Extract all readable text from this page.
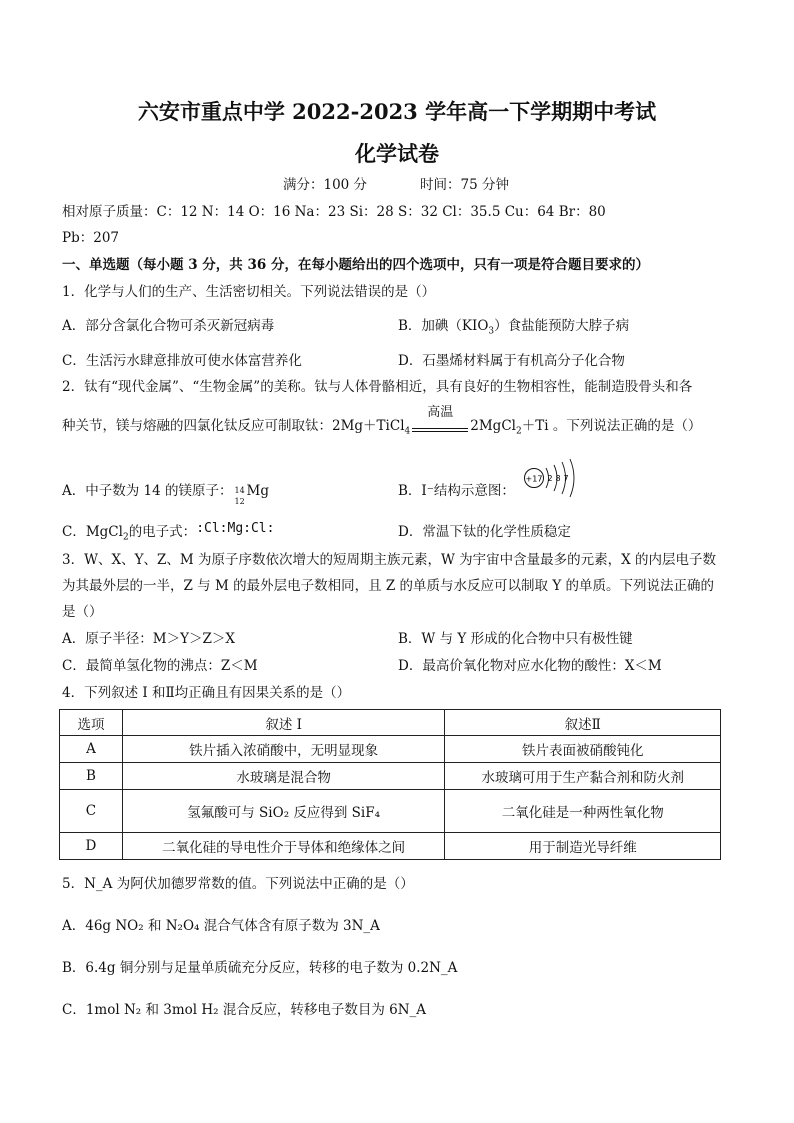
六安市重点中学 2022-2023 学年高一下学期期中考试
化学试卷
满分：100 分	时间：75 分钟
相对原子质量：C：12 N：14 O：16 Na：23 Si：28 S：32 Cl：35.5 Cu：64 Br：80
Pb：207
一、单选题（每小题 3 分，共 36 分，在每小题给出的四个选项中，只有一项是符合题目要求的）
1．化学与人们的生产、生活密切相关。下列说法错误的是（）
A．部分含氯化合物可杀灭新冠病毒	B．加碘$(KIO_3)$食盐能预防大脖子病
C．生活污水肆意排放可使水体富营养化	D．石墨烯材料属于有机高分子化合物
2．钛有“现代金属”、“生物金属”的美称。钛与人体骨骼相近，具有良好的生物相容性，能制造股骨头和各
种关节，镁与熔融的四氯化钛反应可制取钛：2Mg＋TiCl$_4$
高温
2MgCl$_2$＋Ti 。下列说法正确的是（）
A．中子数为 14 的镁原子： 14
12
Mg	B．I⁻结构示意图：
+17 2 8 7
C．MgCl$_2$的电子式：:Cl:Mg:Cl:	D．常温下钛的化学性质稳定
3．W、X、Y、Z、M 为原子序数依次增大的短周期主族元素，W 为宇宙中含量最多的元素，X 的内层电子数
为其最外层的一半，Z 与 M 的最外层电子数相同，且 Z 的单质与水反应可以制取 Y 的单质。下列说法正确的
是（）
A．原子半径：M＞Y＞Z＞X	B．W 与 Y 形成的化合物中只有极性键
C．最简单氢化物的沸点：Z＜M	D．最高价氧化物对应水化物的酸性：X＜M
4．下列叙述 I 和Ⅱ均正确且有因果关系的是（）
选项	叙述 I	叙述Ⅱ
A	铁片插入浓硝酸中，无明显现象	铁片表面被硝酸钝化
B	水玻璃是混合物	水玻璃可用于生产黏合剂和防火剂
C	氢氟酸可与 SiO₂ 反应得到 SiF₄	二氧化硅是一种两性氧化物
D	二氧化硅的导电性介于导体和绝缘体之间	用于制造光导纤维
5．N_A 为阿伏加德罗常数的值。下列说法中正确的是（）
A．46g NO₂ 和 N₂O₄ 混合气体含有原子数为 3N_A
B．6.4g 铜分别与足量单质硫充分反应，转移的电子数为 0.2N_A
C．1mol N₂ 和 3mol H₂ 混合反应，转移电子数目为 6N_A
